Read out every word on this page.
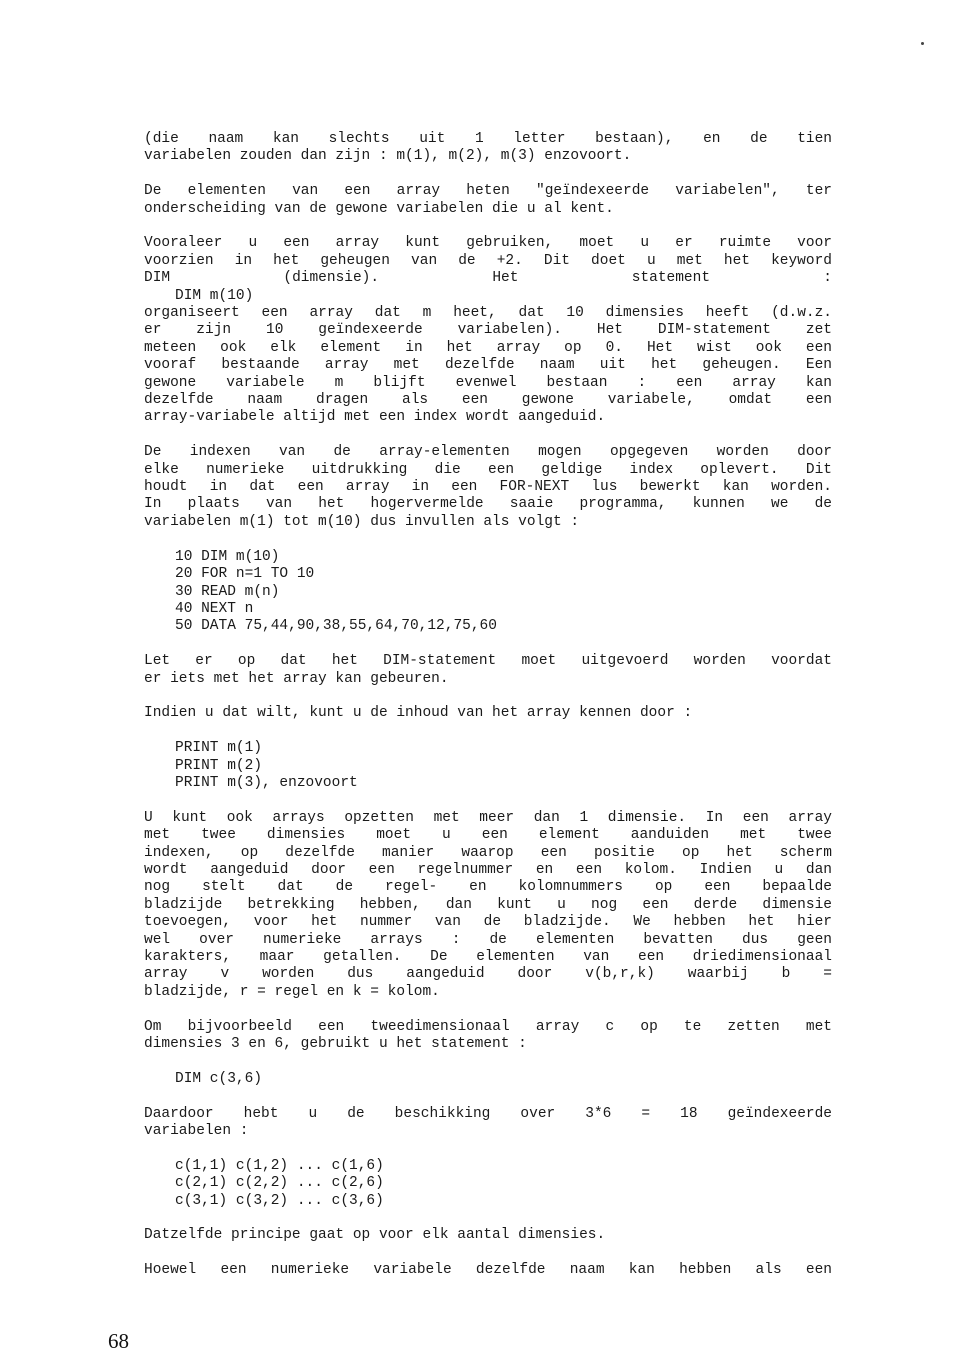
(die naam kan slechts uit 1 letter bestaan), en de tien
variabelen zouden dan zijn : m(1), m(2), m(3) enzovoort.
De elementen van een array heten "geïndexeerde variabelen", ter
onderscheiding van de gewone variabelen die u al kent.
Vooraleer u een array kunt gebruiken, moet u er ruimte voor
voorzien in het geheugen van de +2. Dit doet u met het keyword
DIM (dimensie). Het statement :
DIM m(10)
organiseert een array dat m heet, dat 10 dimensies heeft (d.w.z.
er zijn 10 geïndexeerde variabelen). Het DIM-statement zet
meteen ook elk element in het array op 0. Het wist ook een
vooraf bestaande array met dezelfde naam uit het geheugen. Een
gewone variabele m blijft evenwel bestaan : een array kan
dezelfde naam dragen als een gewone variabele, omdat een
array-variabele altijd met een index wordt aangeduid.
De indexen van de array-elementen mogen opgegeven worden door
elke numerieke uitdrukking die een geldige index oplevert. Dit
houdt in dat een array in een FOR-NEXT lus bewerkt kan worden.
In plaats van het hogervermelde saaie programma, kunnen we de
variabelen m(1) tot m(10) dus invullen als volgt :
10 DIM m(10)
20 FOR n=1 TO 10
30 READ m(n)
40 NEXT n
50 DATA 75,44,90,38,55,64,70,12,75,60
Let er op dat het DIM-statement moet uitgevoerd worden voordat
er iets met het array kan gebeuren.
Indien u dat wilt, kunt u de inhoud van het array kennen door :
PRINT m(1)
PRINT m(2)
PRINT m(3), enzovoort
U kunt ook arrays opzetten met meer dan 1 dimensie. In een array
met twee dimensies moet u een element aanduiden met twee
indexen, op dezelfde manier waarop een positie op het scherm
wordt aangeduid door een regelnummer en een kolom. Indien u dan
nog stelt dat de regel- en kolomnummers op een bepaalde
bladzijde betrekking hebben, dan kunt u nog een derde dimensie
toevoegen, voor het nummer van de bladzijde. We hebben het hier
wel over numerieke arrays : de elementen bevatten dus geen
karakters, maar getallen. De elementen van een driedimensionaal
array v worden dus aangeduid door v(b,r,k) waarbij b =
bladzijde, r = regel en k = kolom.
Om bijvoorbeeld een tweedimensionaal array c op te zetten met
dimensies 3 en 6, gebruikt u het statement :
DIM c(3,6)
Daardoor hebt u de beschikking over 3*6 = 18 geïndexeerde
variabelen :
c(1,1) c(1,2) ... c(1,6)
c(2,1) c(2,2) ... c(2,6)
c(3,1) c(3,2) ... c(3,6)
Datzelfde principe gaat op voor elk aantal dimensies.
Hoewel een numerieke variabele dezelfde naam kan hebben als een
68
